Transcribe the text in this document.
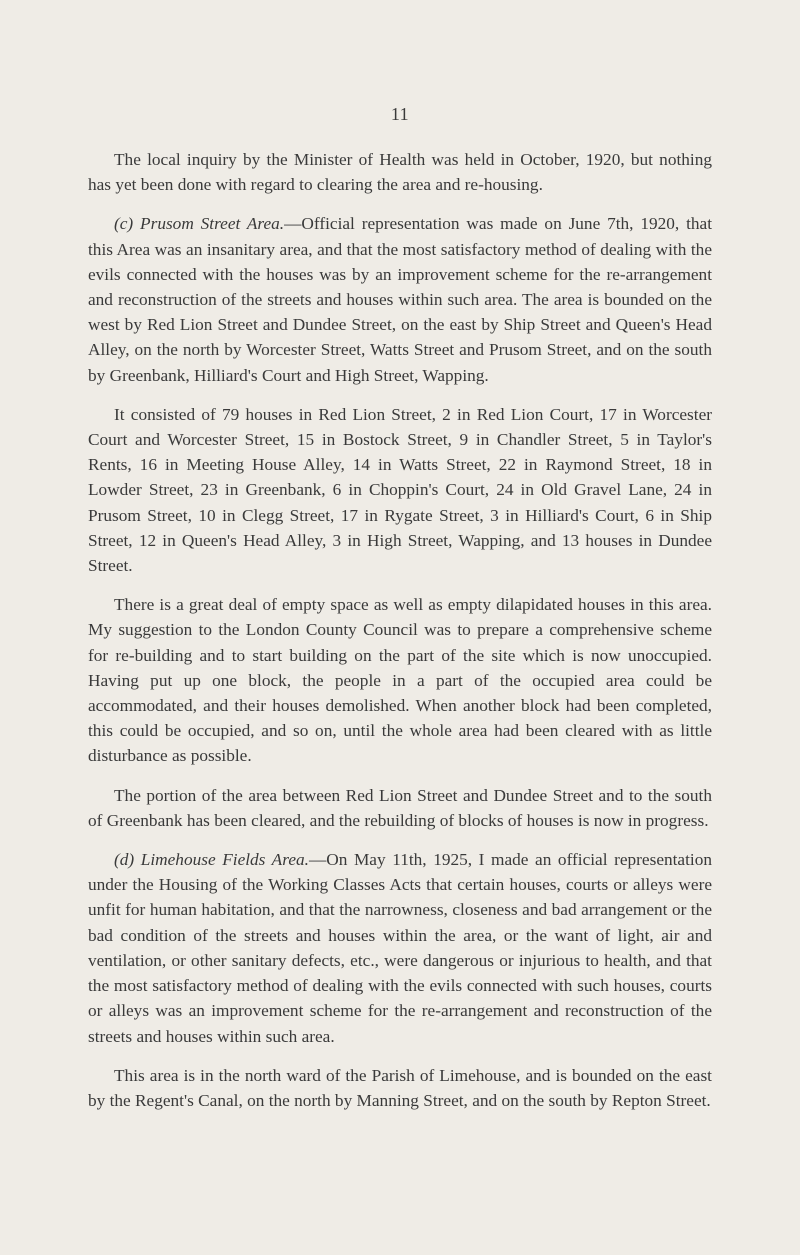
11

The local inquiry by the Minister of Health was held in October, 1920, but nothing has yet been done with regard to clearing the area and re-housing.

(c) Prusom Street Area.—Official representation was made on June 7th, 1920, that this Area was an insanitary area, and that the most satisfactory method of dealing with the evils connected with the houses was by an improvement scheme for the re-arrangement and reconstruction of the streets and houses within such area. The area is bounded on the west by Red Lion Street and Dundee Street, on the east by Ship Street and Queen's Head Alley, on the north by Worcester Street, Watts Street and Prusom Street, and on the south by Greenbank, Hilliard's Court and High Street, Wapping.

It consisted of 79 houses in Red Lion Street, 2 in Red Lion Court, 17 in Worcester Court and Worcester Street, 15 in Bostock Street, 9 in Chandler Street, 5 in Taylor's Rents, 16 in Meeting House Alley, 14 in Watts Street, 22 in Raymond Street, 18 in Lowder Street, 23 in Greenbank, 6 in Choppin's Court, 24 in Old Gravel Lane, 24 in Prusom Street, 10 in Clegg Street, 17 in Rygate Street, 3 in Hilliard's Court, 6 in Ship Street, 12 in Queen's Head Alley, 3 in High Street, Wapping, and 13 houses in Dundee Street.

There is a great deal of empty space as well as empty dilapidated houses in this area. My suggestion to the London County Council was to prepare a comprehensive scheme for re-building and to start building on the part of the site which is now unoccupied. Having put up one block, the people in a part of the occupied area could be accommodated, and their houses demolished. When another block had been completed, this could be occupied, and so on, until the whole area had been cleared with as little disturbance as possible.

The portion of the area between Red Lion Street and Dundee Street and to the south of Greenbank has been cleared, and the rebuilding of blocks of houses is now in progress.

(d) Limehouse Fields Area.—On May 11th, 1925, I made an official representation under the Housing of the Working Classes Acts that certain houses, courts or alleys were unfit for human habitation, and that the narrowness, closeness and bad arrangement or the bad condition of the streets and houses within the area, or the want of light, air and ventilation, or other sanitary defects, etc., were dangerous or injurious to health, and that the most satisfactory method of dealing with the evils connected with such houses, courts or alleys was an improvement scheme for the re-arrangement and reconstruction of the streets and houses within such area.

This area is in the north ward of the Parish of Limehouse, and is bounded on the east by the Regent's Canal, on the north by Manning Street, and on the south by Repton Street.
